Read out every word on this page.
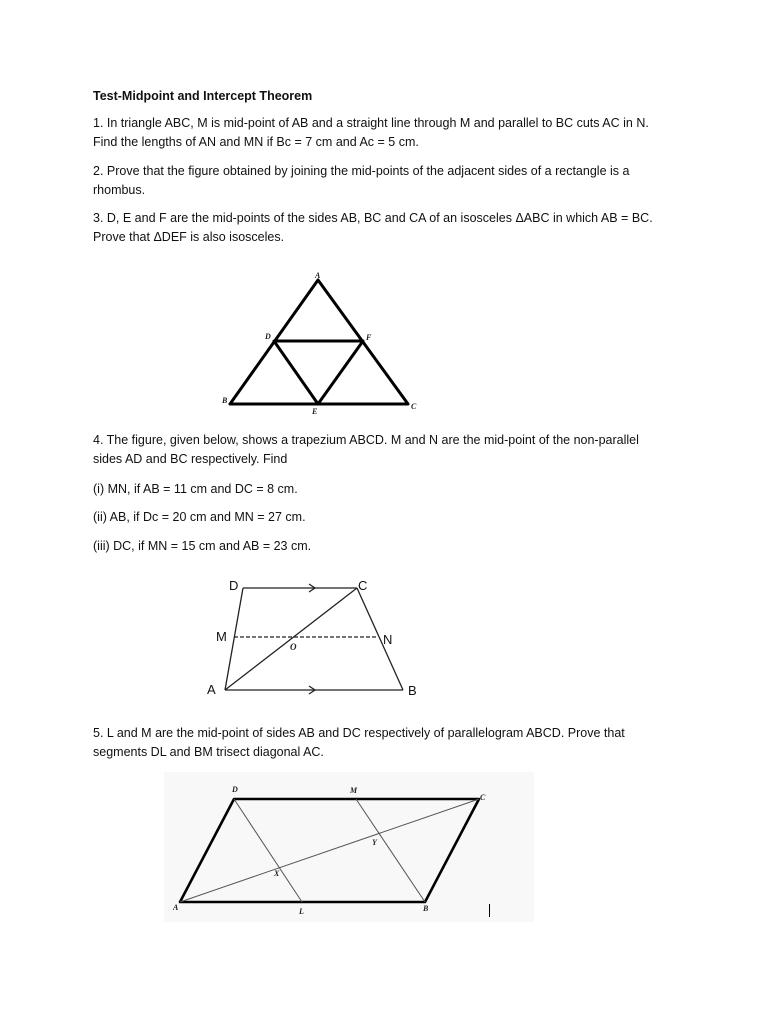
Test-Midpoint and Intercept Theorem
1. In triangle ABC, M is mid-point of AB and a straight line through M and parallel to BC cuts AC in N.
Find the lengths of AN and MN if Bc = 7 cm and Ac = 5 cm.
2. Prove that the figure obtained by joining the mid-points of the adjacent sides of a rectangle is a
rhombus.
3. D, E and F are the mid-points of the sides AB, BC and CA of an isosceles ΔABC in which AB = BC.
Prove that ΔDEF is also isosceles.
A
D	F
B
E
C
4. The figure, given below, shows a trapezium ABCD. M and N are the mid-point of the non-parallel
sides AD and BC respectively. Find
(i) MN, if AB = 11 cm and DC = 8 cm.
(ii) AB, if Dc = 20 cm and MN = 27 cm.
(iii) DC, if MN = 15 cm and AB = 23 cm.
D	C
M	N
O
A	B
5. L and M are the mid-point of sides AB and DC respectively of parallelogram ABCD. Prove that
segments DL and BM trisect diagonal AC.
D	M
C
Y
X
A	L	B
